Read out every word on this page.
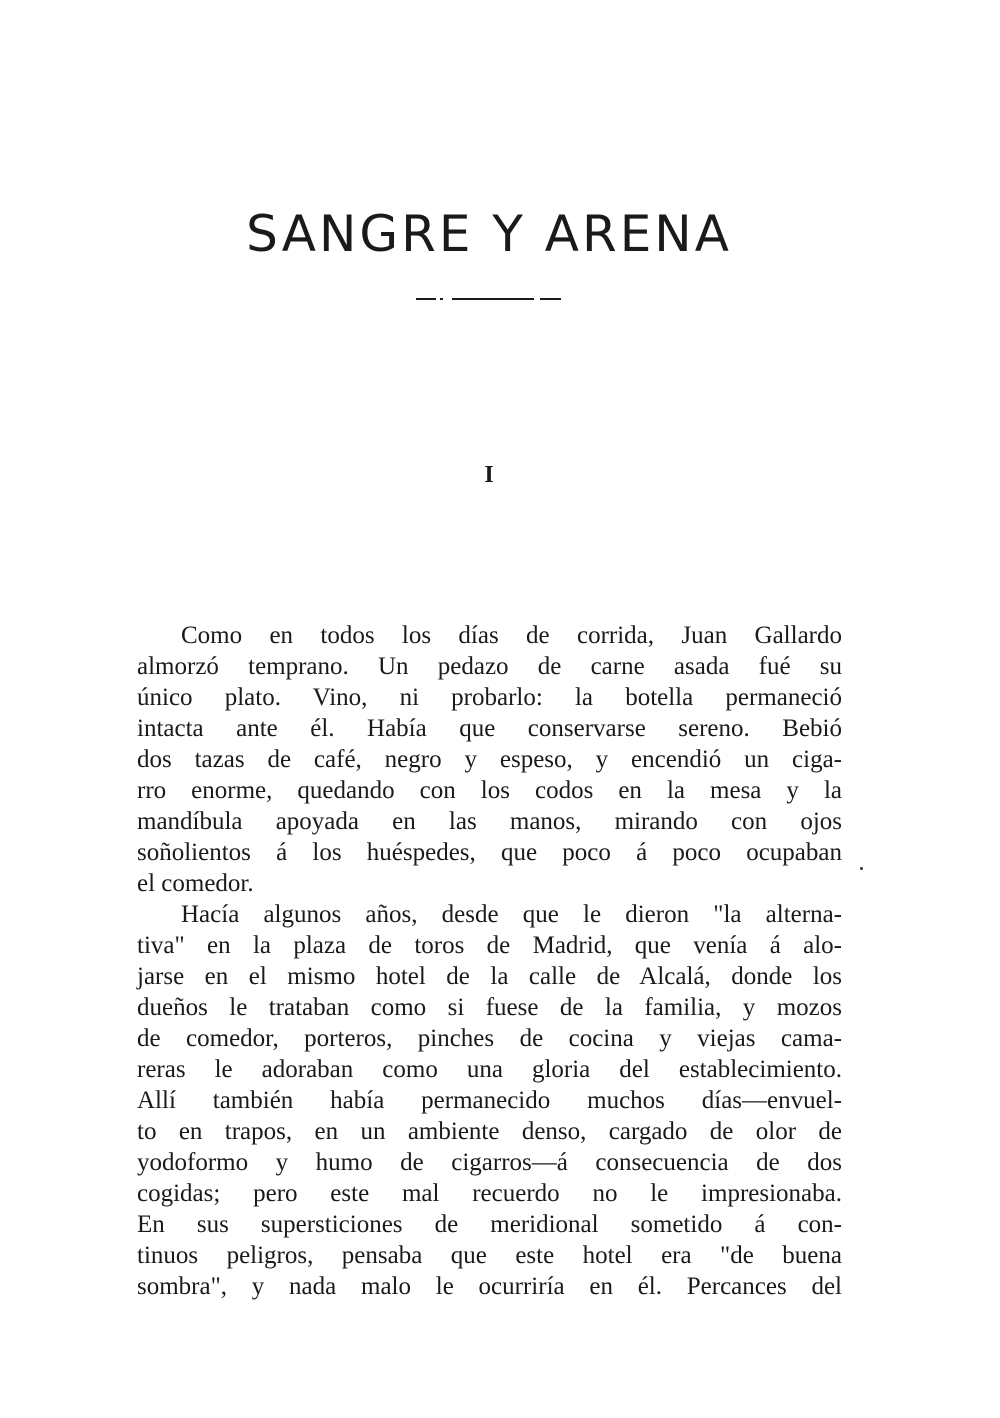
SANGRE Y ARENA
I
Como en todos los días de corrida, Juan Gallardo
almorzó temprano. Un pedazo de carne asada fué su
único plato. Vino, ni probarlo: la botella permaneció
intacta ante él. Había que conservarse sereno. Bebió
dos tazas de café, negro y espeso, y encendió un ciga-
rro enorme, quedando con los codos en la mesa y la
mandíbula apoyada en las manos, mirando con ojos
soñolientos á los huéspedes, que poco á poco ocupaban
el comedor.
Hacía algunos años, desde que le dieron "la alterna-
tiva" en la plaza de toros de Madrid, que venía á alo-
jarse en el mismo hotel de la calle de Alcalá, donde los
dueños le trataban como si fuese de la familia, y mozos
de comedor, porteros, pinches de cocina y viejas cama-
reras le adoraban como una gloria del establecimiento.
Allí también había permanecido muchos días—envuel-
to en trapos, en un ambiente denso, cargado de olor de
yodoformo y humo de cigarros—á consecuencia de dos
cogidas; pero este mal recuerdo no le impresionaba.
En sus supersticiones de meridional sometido á con-
tinuos peligros, pensaba que este hotel era "de buena
sombra", y nada malo le ocurriría en él. Percances del
